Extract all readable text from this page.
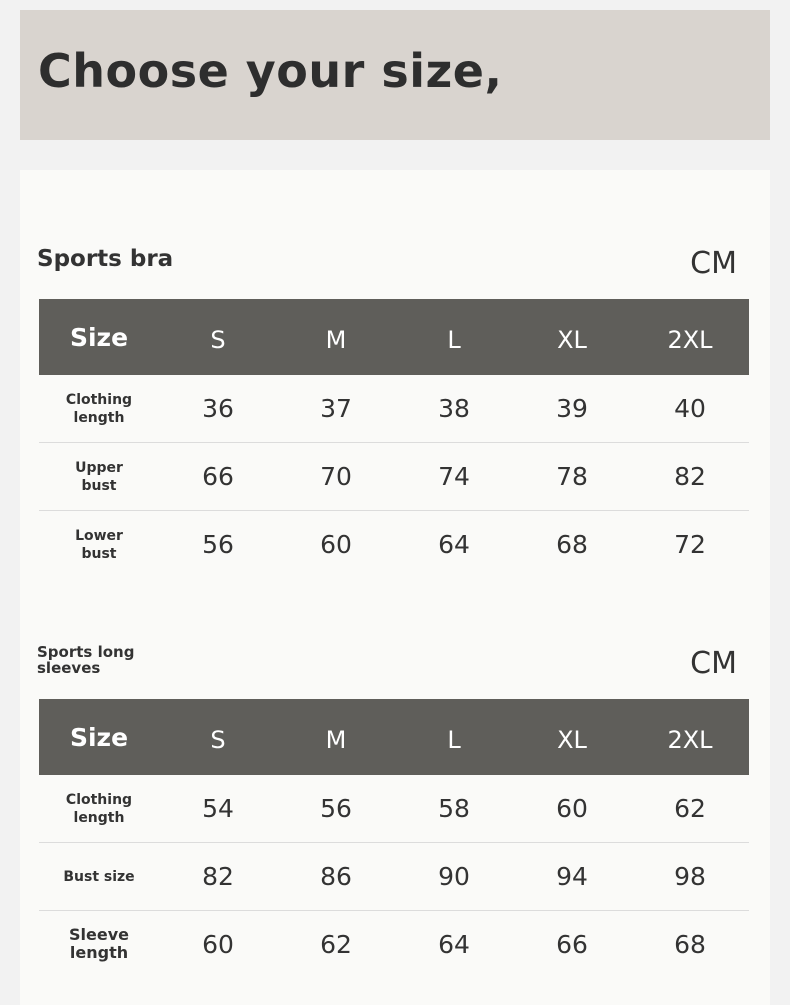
Choose your size,
Sports bra	CM
Size	S	M	L	XL	2XL
Clothing length	36	37	38	39	40
Upper bust	66	70	74	78	82
Lower bust	56	60	64	68	72
Sports long sleeves	CM
Size	S	M	L	XL	2XL
Clothing length	54	56	58	60	62
Bust size	82	86	90	94	98
Sleeve length	60	62	64	66	68
